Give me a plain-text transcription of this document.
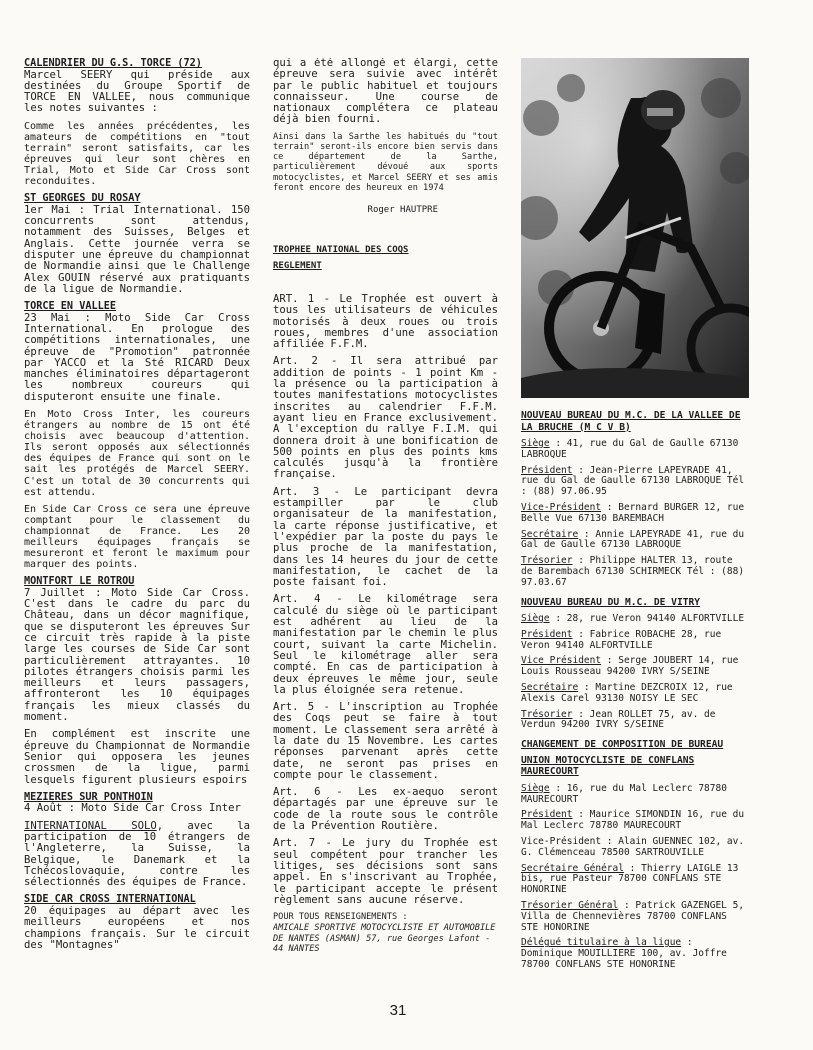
CALENDRIER DU G.S. TORCE (72)
Marcel SEERY qui préside aux destinées du Groupe Sportif de TORCE EN VALLEE, nous communique les notes suivantes :
Comme les années précédentes, les amateurs de compétitions en "tout terrain" seront satisfaits, car les épreuves qui leur sont chères en Trial, Moto et Side Car Cross sont reconduites.
ST GEORGES DU ROSAY
1er Mai : Trial International. 150 concurrents sont attendus, notamment des Suisses, Belges et Anglais. Cette journée verra se disputer une épreuve du championnat de Normandie ainsi que le Challenge Alex GOUIN réservé aux pratiquants de la ligue de Normandie.
TORCE EN VALLEE
23 Mai : Moto Side Car Cross International. En prologue des compétitions internationales, une épreuve de "Promotion" patronnée par YACCO et la Sté RICARD Deux manches éliminatoires départageront les nombreux coureurs qui disputeront ensuite une finale.
En Moto Cross Inter, les coureurs étrangers au nombre de 15 ont été choisis avec beaucoup d'attention. Ils seront opposés aux sélectionnés des équipes de France qui sont on le sait les protégés de Marcel SEERY. C'est un total de 30 concurrents qui est attendu.
En Side Car Cross ce sera une épreuve comptant pour le classement du championnat de France. Les 20 meilleurs équipages français se mesureront et feront le maximum pour marquer des points.
MONTFORT LE ROTROU
7 Juillet : Moto Side Car Cross. C'est dans le cadre du parc du Château, dans un décor magnifique, que se disputeront les épreuves Sur ce circuit très rapide à la piste large les courses de Side Car sont particulièrement attrayantes. 10 pilotes étrangers choisis parmi les meilleurs et leurs passagers, affronteront les 10 équipages français les mieux classés du moment.
En complément est inscrite une épreuve du Championnat de Normandie Senior qui opposera les jeunes crossmen de la ligue, parmi lesquels figurent plusieurs espoirs
MEZIERES SUR PONTHOIN
4 Août : Moto Side Car Cross Inter
INTERNATIONAL SOLO, avec la participation de 10 étrangers de l'Angleterre, la Suisse, la Belgique, le Danemark et la Tchécoslovaquie, contre les sélectionnés des équipes de France.
SIDE CAR CROSS INTERNATIONAL
20 équipages au départ avec les meilleurs européens et nos champions français. Sur le circuit des "Montagnes"
qui a été allongé et élargi, cette épreuve sera suivie avec intérêt par le public habituel et toujours connaisseur. Une course de nationaux complétera ce plateau déjà bien fourni.
Ainsi dans la Sarthe les habitués du "tout terrain" seront-ils encore bien servis dans ce département de la Sarthe, particulièrement dévoué aux sports motocyclistes, et Marcel SEERY et ses amis feront encore des heureux en 1974
Roger HAUTPRE
TROPHEE NATIONAL DES COQS
REGLEMENT
ART. 1 - Le Trophée est ouvert à tous les utilisateurs de véhicules motorisés à deux roues ou trois roues, membres d'une association affiliée F.F.M.
Art. 2 - Il sera attribué par addition de points - 1 point Km - la présence ou la participation à toutes manifestations motocyclistes inscrites au calendrier F.F.M. ayant lieu en France exclusivement. A l'exception du rallye F.I.M. qui donnera droit à une bonification de 500 points en plus des points kms calculés jusqu'à la frontière française.
Art. 3 - Le participant devra estampiller par le club organisateur de la manifestation, la carte réponse justificative, et l'expédier par la poste du pays le plus proche de la manifestation, dans les 14 heures du jour de cette manifestation, le cachet de la poste faisant foi.
Art. 4 - Le kilométrage sera calculé du siège où le participant est adhérent au lieu de la manifestation par le chemin le plus court, suivant la carte Michelin. Seul le kilométrage aller sera compté. En cas de participation à deux épreuves le même jour, seule la plus éloignée sera retenue.
Art. 5 - L'inscription au Trophée des Coqs peut se faire à tout moment. Le classement sera arrêté à la date du 15 Novembre. Les cartes réponses parvenant après cette date, ne seront pas prises en compte pour le classement.
Art. 6 - Les ex-aequo seront départagés par une épreuve sur le code de la route sous le contrôle de la Prévention Routière.
Art. 7 - Le jury du Trophée est seul compétent pour trancher les litiges, ses décisions sont sans appel. En s'inscrivant au Trophée, le participant accepte le présent règlement sans aucune réserve.
POUR TOUS RENSEIGNEMENTS :
AMICALE SPORTIVE MOTOCYCLISTE ET AUTOMOBILE DE NANTES (ASMAN) 57, rue Georges Lafont - 44 NANTES
NOUVEAU BUREAU DU M.C. DE LA VALLEE DE LA BRUCHE (M C V B)
Siège : 41, rue du Gal de Gaulle 67130 LABROQUE
Président : Jean-Pierre LAPEYRADE 41, rue du Gal de Gaulle 67130 LABROQUE Tél : (88) 97.06.95
Vice-Président : Bernard BURGER 12, rue Belle Vue 67130 BAREMBACH
Secrétaire : Annie LAPEYRADE 41, rue du Gal de Gaulle 67130 LABROQUE
Trésorier : Philippe HALTER 13, route de Barembach 67130 SCHIRMECK Tél : (88) 97.03.67
NOUVEAU BUREAU DU M.C. DE VITRY
Siège : 28, rue Veron 94140 ALFORTVILLE
Président : Fabrice ROBACHE 28, rue Veron 94140 ALFORTVILLE
Vice Président : Serge JOUBERT 14, rue Louis Rousseau 94200 IVRY S/SEINE
Secrétaire : Martine DEZCROIX 12, rue Alexis Carel 93130 NOISY LE SEC
Trésorier : Jean ROLLET 75, av. de Verdun 94200 IVRY S/SEINE
CHANGEMENT DE COMPOSITION DE BUREAU
UNION MOTOCYCLISTE DE CONFLANS MAURECOURT
Siège : 16, rue du Mal Leclerc 78780 MAURECOURT
Président : Maurice SIMONDIN 16, rue du Mal Leclerc 78780 MAURECOURT
Vice-Président : Alain GUENNEC 102, av. G. Clémenceau 78500 SARTROUVILLE
Secrétaire Général : Thierry LAIGLE 13 bis, rue Pasteur 78700 CONFLANS STE HONORINE
Trésorier Général : Patrick GAZENGEL 5, Villa de Chennevières 78700 CONFLANS STE HONORINE
Délégué titulaire à la ligue : Dominique MOUILLIERE 100, av. Joffre 78700 CONFLANS STE HONORINE
31
